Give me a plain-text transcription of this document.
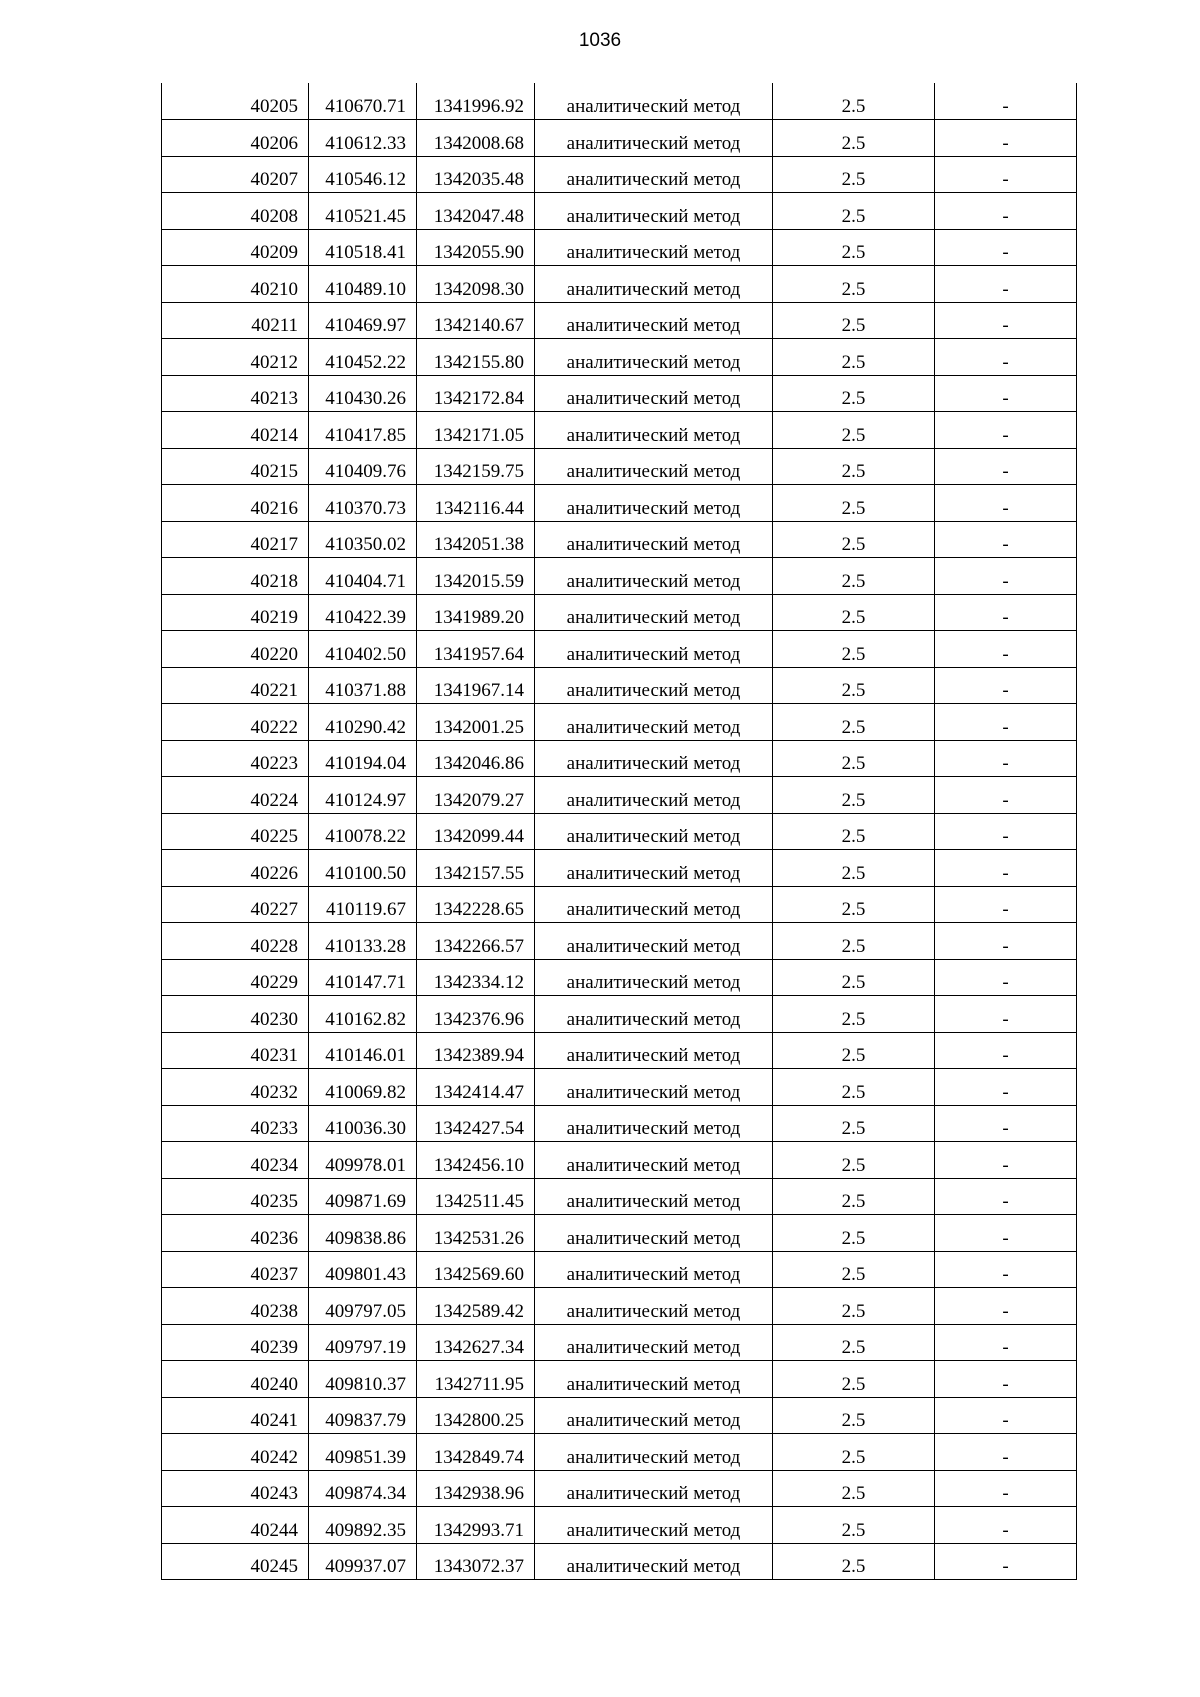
1036
40205	410670.71	1341996.92	аналитический метод	2.5	-
40206	410612.33	1342008.68	аналитический метод	2.5	-
40207	410546.12	1342035.48	аналитический метод	2.5	-
40208	410521.45	1342047.48	аналитический метод	2.5	-
40209	410518.41	1342055.90	аналитический метод	2.5	-
40210	410489.10	1342098.30	аналитический метод	2.5	-
40211	410469.97	1342140.67	аналитический метод	2.5	-
40212	410452.22	1342155.80	аналитический метод	2.5	-
40213	410430.26	1342172.84	аналитический метод	2.5	-
40214	410417.85	1342171.05	аналитический метод	2.5	-
40215	410409.76	1342159.75	аналитический метод	2.5	-
40216	410370.73	1342116.44	аналитический метод	2.5	-
40217	410350.02	1342051.38	аналитический метод	2.5	-
40218	410404.71	1342015.59	аналитический метод	2.5	-
40219	410422.39	1341989.20	аналитический метод	2.5	-
40220	410402.50	1341957.64	аналитический метод	2.5	-
40221	410371.88	1341967.14	аналитический метод	2.5	-
40222	410290.42	1342001.25	аналитический метод	2.5	-
40223	410194.04	1342046.86	аналитический метод	2.5	-
40224	410124.97	1342079.27	аналитический метод	2.5	-
40225	410078.22	1342099.44	аналитический метод	2.5	-
40226	410100.50	1342157.55	аналитический метод	2.5	-
40227	410119.67	1342228.65	аналитический метод	2.5	-
40228	410133.28	1342266.57	аналитический метод	2.5	-
40229	410147.71	1342334.12	аналитический метод	2.5	-
40230	410162.82	1342376.96	аналитический метод	2.5	-
40231	410146.01	1342389.94	аналитический метод	2.5	-
40232	410069.82	1342414.47	аналитический метод	2.5	-
40233	410036.30	1342427.54	аналитический метод	2.5	-
40234	409978.01	1342456.10	аналитический метод	2.5	-
40235	409871.69	1342511.45	аналитический метод	2.5	-
40236	409838.86	1342531.26	аналитический метод	2.5	-
40237	409801.43	1342569.60	аналитический метод	2.5	-
40238	409797.05	1342589.42	аналитический метод	2.5	-
40239	409797.19	1342627.34	аналитический метод	2.5	-
40240	409810.37	1342711.95	аналитический метод	2.5	-
40241	409837.79	1342800.25	аналитический метод	2.5	-
40242	409851.39	1342849.74	аналитический метод	2.5	-
40243	409874.34	1342938.96	аналитический метод	2.5	-
40244	409892.35	1342993.71	аналитический метод	2.5	-
40245	409937.07	1343072.37	аналитический метод	2.5	-
